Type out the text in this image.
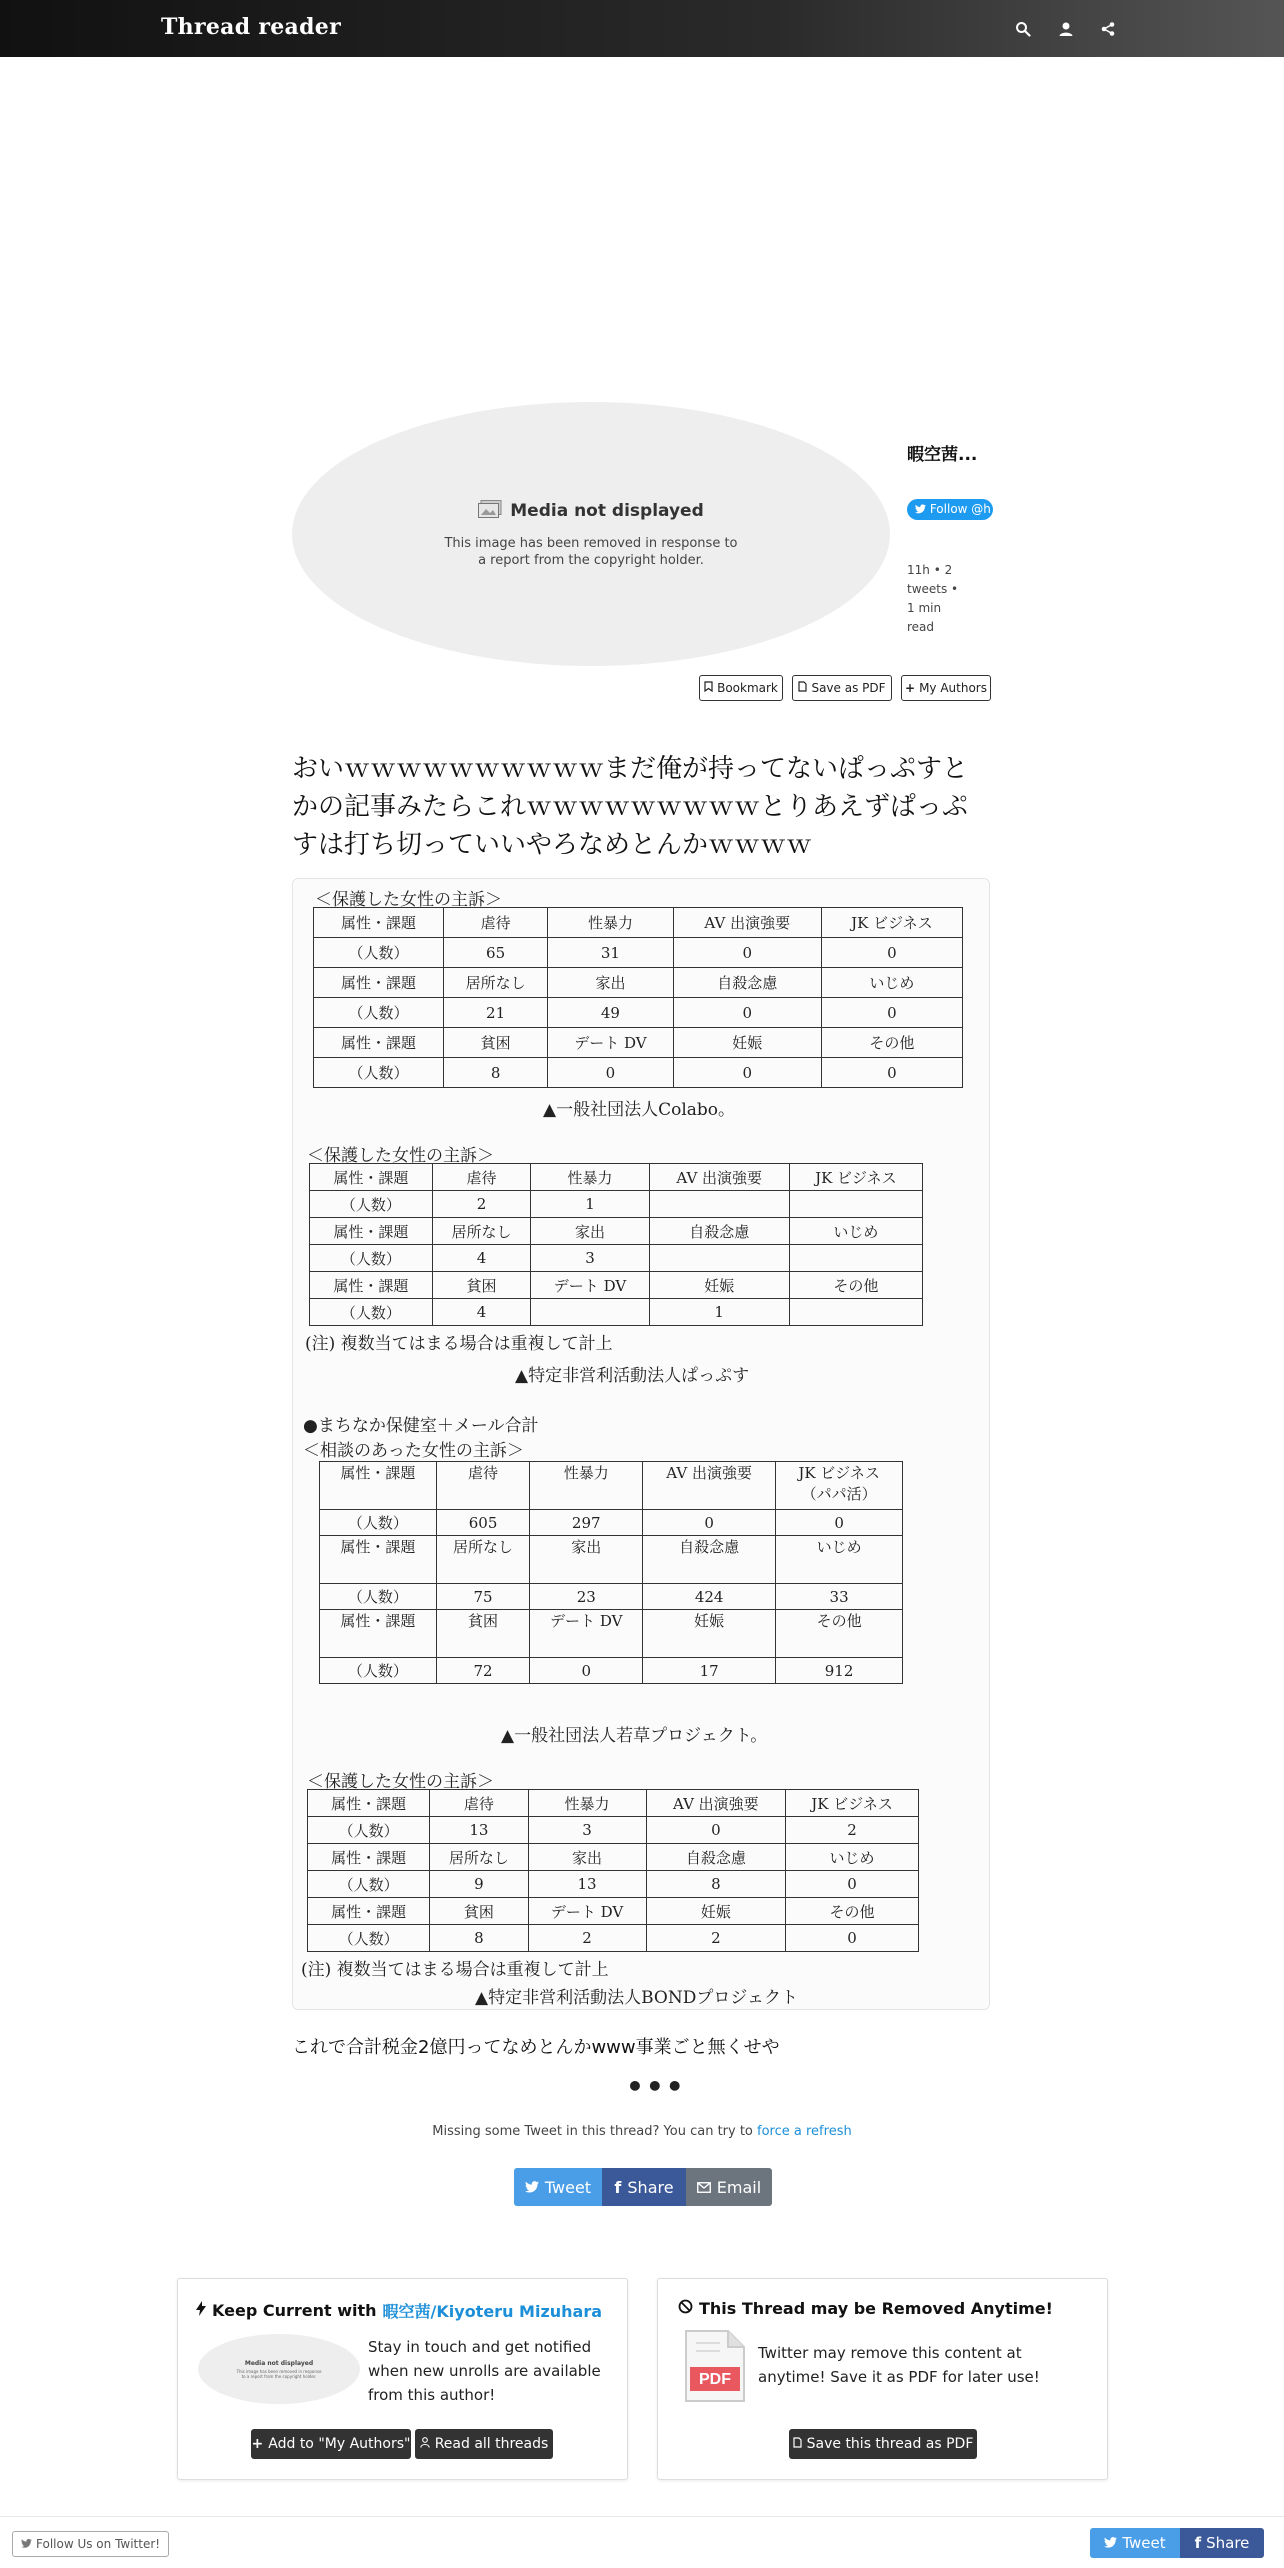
Thread reader
Media not displayed
This image has been removed in response to a report from the copyright holder.
暇空茜...
Follow @h
11h • 2 tweets • 1 min read
Bookmark	Save as PDF + My Authors
おいｗｗｗｗｗｗｗｗｗｗまだ俺が持ってないぱっぷすとかの記事みたらこれｗｗｗｗｗｗｗｗｗとりあえずぱっぷすは打ち切っていいやろなめとんかｗｗｗｗ
＜保護した女性の主訴＞
属性・課題	虐待	性暴力	AV 出演強要	JK ビジネス
（人数）	65	31	0	0
属性・課題	居所なし	家出	自殺念慮	いじめ
（人数）	21	49	0	0
属性・課題	貧困	デート DV	妊娠	その他
（人数）	8	0	0	0
▲一般社団法人Colabo。
＜保護した女性の主訴＞
属性・課題	虐待	性暴力	AV 出演強要	JK ビジネス
（人数）	2	1		
属性・課題	居所なし	家出	自殺念慮	いじめ
（人数）	4	3		
属性・課題	貧困	デート DV	妊娠	その他
（人数）	4		1	
(注) 複数当てはまる場合は重複して計上
▲特定非営利活動法人ぱっぷす
●まちなか保健室＋メール合計
＜相談のあった女性の主訴＞
属性・課題	虐待	性暴力	AV 出演強要	JK ビジネス
（パパ活）
（人数）	605	297	0	0
属性・課題	居所なし	家出	自殺念慮	いじめ
（人数）	75	23	424	33
属性・課題	貧困	デート DV	妊娠	その他
（人数）	72	0	17	912
▲一般社団法人若草プロジェクト。
＜保護した女性の主訴＞
属性・課題	虐待	性暴力	AV 出演強要	JK ビジネス
（人数）	13	3	0	2
属性・課題	居所なし	家出	自殺念慮	いじめ
（人数）	9	13	8	0
属性・課題	貧困	デート DV	妊娠	その他
（人数）	8	2	2	0
(注) 複数当てはまる場合は重複して計上
▲特定非営利活動法人BONDプロジェクト
これで合計税金2億円ってなめとんかwww事業ごと無くせや
•••
Missing some Tweet in this thread? You can try to force a refresh
Tweet f Share	Email
Keep Current with 暇空茜/Kiyoteru Mizuhara
Media not displayed
This image has been removed in response to a report from the copyright holder.
Stay in touch and get notified when new unrolls are available from this author!
+ Add to "My Authors" Read all threads
This Thread may be Removed Anytime!
PDF
Twitter may remove this content at anytime! Save it as PDF for later use!
Save this thread as PDF
Follow Us on Twitter!	Tweet f Share
